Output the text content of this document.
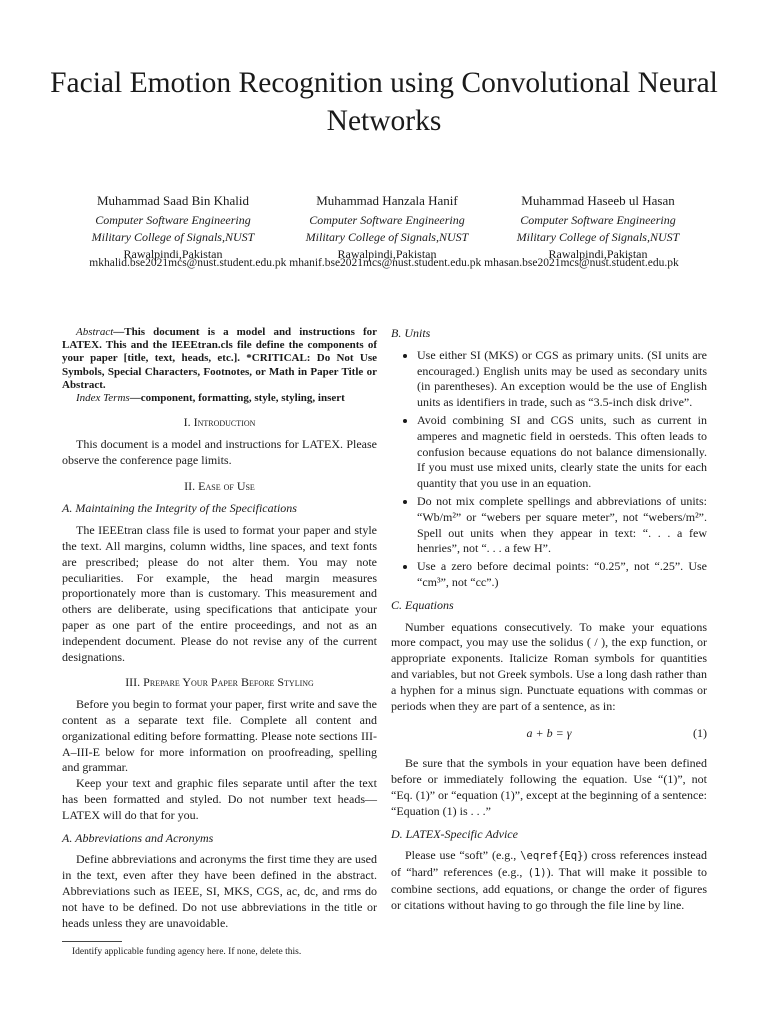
Facial Emotion Recognition using Convolutional Neural Networks
Muhammad Saad Bin Khalid
Computer Software Engineering
Military College of Signals,NUST
Rawalpindi,Pakistan
Muhammad Hanzala Hanif
Computer Software Engineering
Military College of Signals,NUST
Rawalpindi,Pakistan
Muhammad Haseeb ul Hasan
Computer Software Engineering
Military College of Signals,NUST
Rawalpindi,Pakistan
mkhalid.bse2021mcs@nust.student.edu.pk mhanif.bse2021mcs@nust.student.edu.pk mhasan.bse2021mcs@nust.student.edu.pk

Abstract—This document is a model and instructions for LATEX. This and the IEEEtran.cls file define the components of your paper [title, text, heads, etc.]. *CRITICAL: Do Not Use Symbols, Special Characters, Footnotes, or Math in Paper Title or Abstract.

Index Terms—component, formatting, style, styling, insert

I. Introduction

This document is a model and instructions for LATEX. Please observe the conference page limits.

II. Ease of Use
A. Maintaining the Integrity of the Specifications

The IEEEtran class file is used to format your paper and style the text. All margins, column widths, line spaces, and text fonts are prescribed; please do not alter them. You may note peculiarities. For example, the head margin measures proportionately more than is customary. This measurement and others are deliberate, using specifications that anticipate your paper as one part of the entire proceedings, and not as an independent document. Please do not revise any of the current designations.

III. Prepare Your Paper Before Styling

Before you begin to format your paper, first write and save the content as a separate text file. Complete all content and organizational editing before formatting. Please note sections III-A–III-E below for more information on proofreading, spelling and grammar.

Keep your text and graphic files separate until after the text has been formatted and styled. Do not number text heads—LATEX will do that for you.

A. Abbreviations and Acronyms

Define abbreviations and acronyms the first time they are used in the text, even after they have been defined in the abstract. Abbreviations such as IEEE, SI, MKS, CGS, ac, dc, and rms do not have to be defined. Do not use abbreviations in the title or heads unless they are unavoidable.

Identify applicable funding agency here. If none, delete this.

B. Units
• Use either SI (MKS) or CGS as primary units. (SI units are encouraged.) English units may be used as secondary units (in parentheses). An exception would be the use of English units as identifiers in trade, such as “3.5-inch disk drive”.
• Avoid combining SI and CGS units, such as current in amperes and magnetic field in oersteds. This often leads to confusion because equations do not balance dimensionally. If you must use mixed units, clearly state the units for each quantity that you use in an equation.
• Do not mix complete spellings and abbreviations of units: “Wb/m²” or “webers per square meter”, not “webers/m²”. Spell out units when they appear in text: “. . . a few henries”, not “. . . a few H”.
• Use a zero before decimal points: “0.25”, not “.25”. Use “cm³”, not “cc”.)
C. Equations

Number equations consecutively. To make your equations more compact, you may use the solidus ( / ), the exp function, or appropriate exponents. Italicize Roman symbols for quantities and variables, but not Greek symbols. Use a long dash rather than a hyphen for a minus sign. Punctuate equations with commas or periods when they are part of a sentence, as in:

a + b = γ	(1)

Be sure that the symbols in your equation have been defined before or immediately following the equation. Use “(1)”, not “Eq. (1)” or “equation (1)”, except at the beginning of a sentence: “Equation (1) is . . .”

D. LATEX-Specific Advice

Please use “soft” (e.g., \eqref{Eq}) cross references instead of “hard” references (e.g., (1)). That will make it possible to combine sections, add equations, or change the order of figures or citations without having to go through the file line by line.
